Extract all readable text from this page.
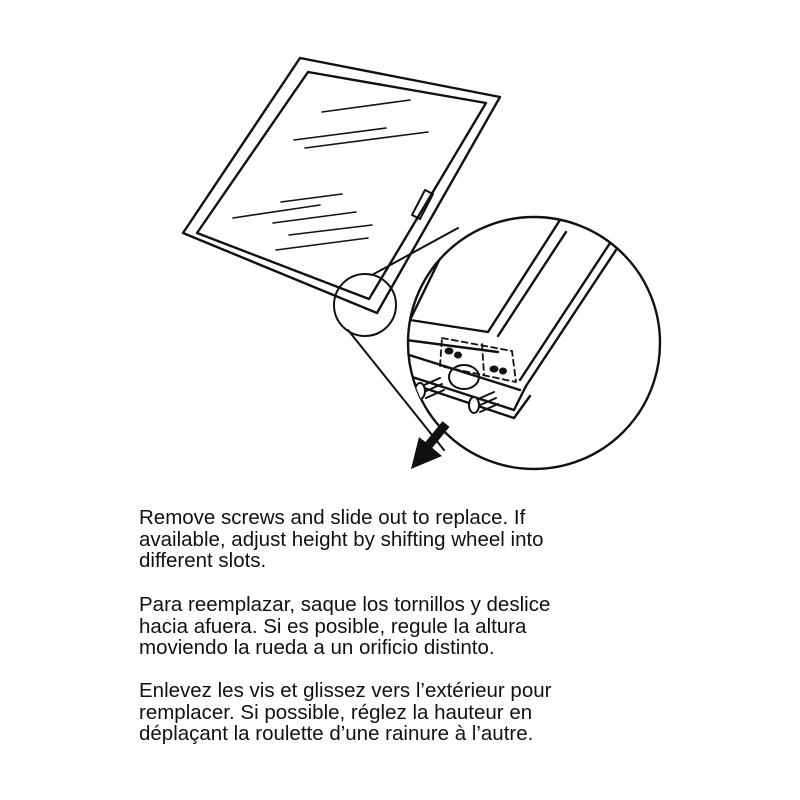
Remove screws and slide out to replace. If
available, adjust height by shifting wheel into
different slots.

Para reemplazar, saque los tornillos y deslice
hacia afuera. Si es posible, regule la altura
moviendo la rueda a un orificio distinto.

Enlevez les vis et glissez vers l’extérieur pour
remplacer. Si possible, réglez la hauteur en
déplaçant la roulette d’une rainure à l’autre.
